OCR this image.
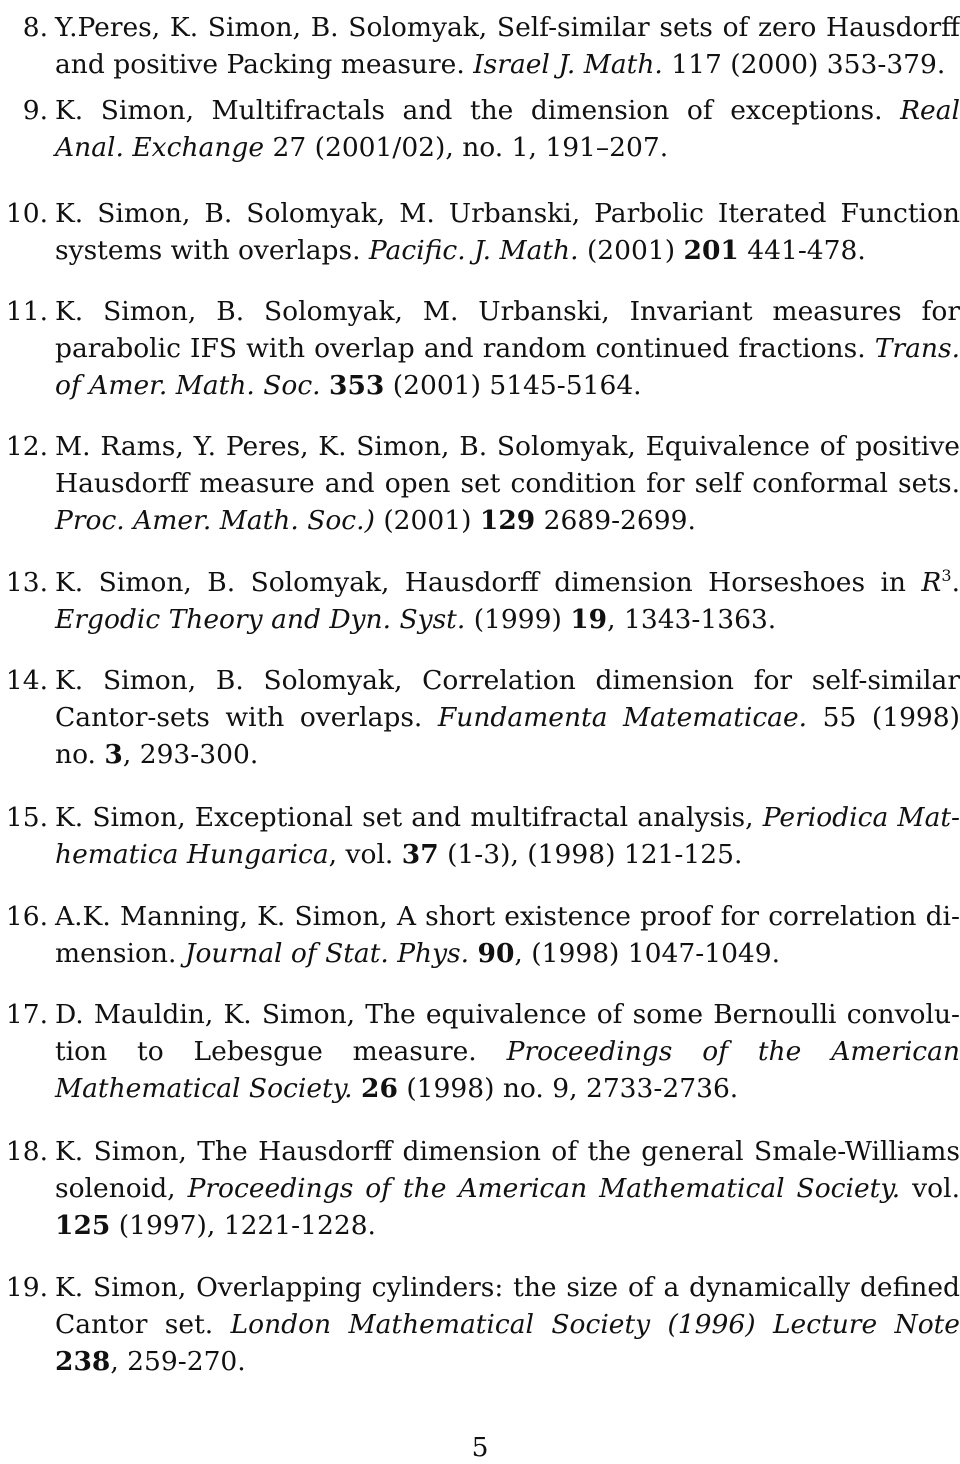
8. Y.Peres, K. Simon, B. Solomyak, Self-similar sets of zero Hausdorff and positive Packing measure. Israel J. Math. 117 (2000) 353-379.
9. K. Simon, Multifractals and the dimension of exceptions. Real Anal. Exchange 27 (2001/02), no. 1, 191–207.
10. K. Simon, B. Solomyak, M. Urbanski, Parbolic Iterated Function systems with overlaps. Pacific. J. Math. (2001) 201 441-478.
11. K. Simon, B. Solomyak, M. Urbanski, Invariant measures for parabolic IFS with overlap and random continued fractions. Trans. of Amer. Math. Soc. 353 (2001) 5145-5164.
12. M. Rams, Y. Peres, K. Simon, B. Solomyak, Equivalence of positive Hausdorff measure and open set condition for self conformal sets. Proc. Amer. Math. Soc.) (2001) 129 2689-2699.
13. K. Simon, B. Solomyak, Hausdorff dimension Horseshoes in $R^3$. Ergodic Theory and Dyn. Syst. (1999) 19, 1343-1363.
14. K. Simon, B. Solomyak, Correlation dimension for self-similar Cantor-sets with overlaps. Fundamenta Matematicae. 55 (1998) no. 3, 293-300.
15. K. Simon, Exceptional set and multifractal analysis, Periodica Mathematica Hungarica, vol. 37 (1-3), (1998) 121-125.
16. A.K. Manning, K. Simon, A short existence proof for correlation dimension. Journal of Stat. Phys. 90, (1998) 1047-1049.
17. D. Mauldin, K. Simon, The equivalence of some Bernoulli convolution to Lebesgue measure. Proceedings of the American Mathematical Society. 26 (1998) no. 9, 2733-2736.
18. K. Simon, The Hausdorff dimension of the general Smale-Williams solenoid, Proceedings of the American Mathematical Society. vol. 125 (1997), 1221-1228.
19. K. Simon, Overlapping cylinders: the size of a dynamically defined Cantor set. London Mathematical Society (1996) Lecture Note 238, 259-270.
5
